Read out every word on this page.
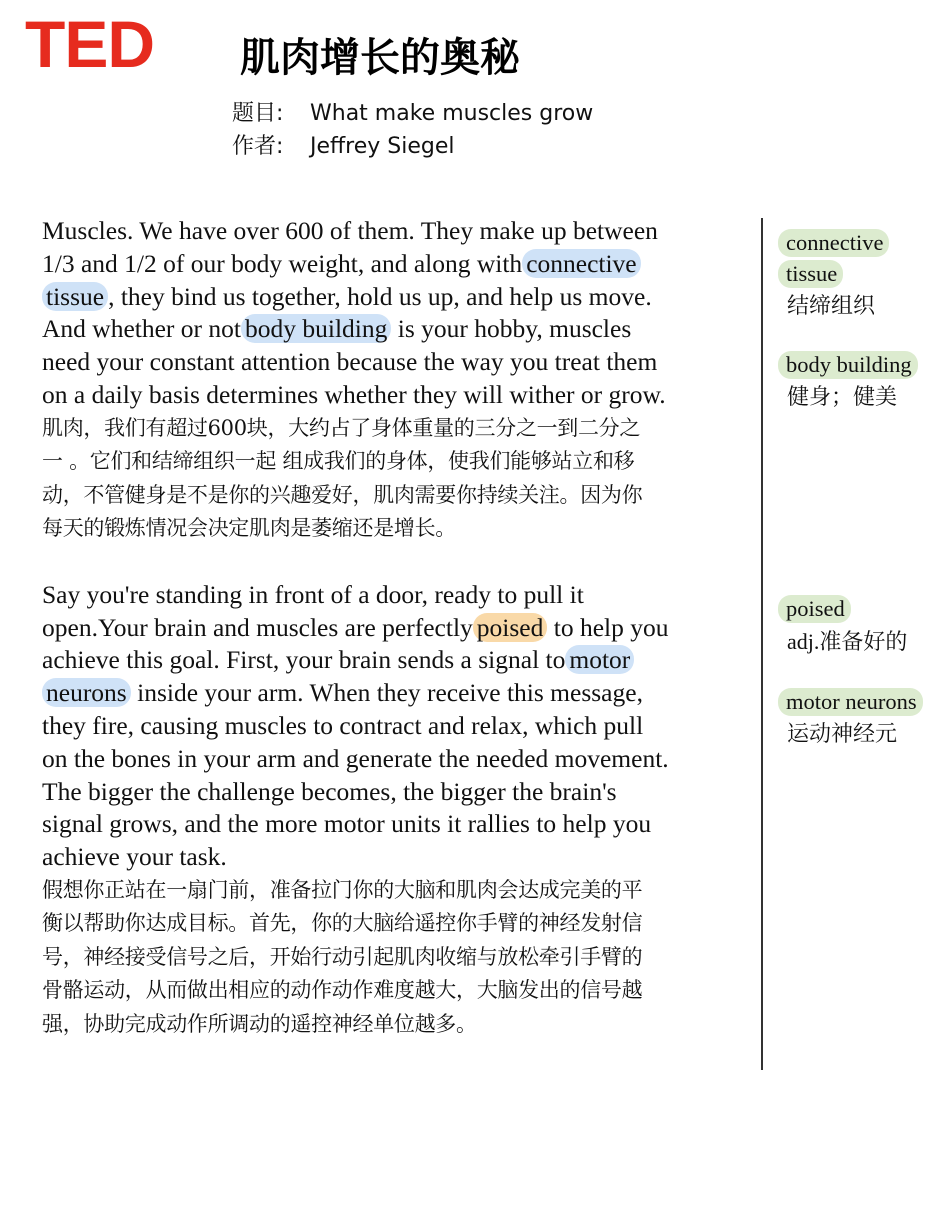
TED 肌肉增长的奥秘
题目: What make muscles grow
作者: Jeffrey Siegel
Muscles. We have over 600 of them. They make up between
1/3 and 1/2 of our body weight, and along with connective
tissue , they bind us together, hold us up, and help us move.
And whether or not body building is your hobby, muscles
need your constant attention because the way you treat them
on a daily basis determines whether they will wither or grow.
肌肉，我们有超过600块，大约占了身体重量的三分之一到二分之
一 。它们和结缔组织一起 组成我们的身体，使我们能够站立和移
动，不管健身是不是你的兴趣爱好，肌肉需要你持续关注。因为你
每天的锻炼情况会决定肌肉是萎缩还是增长。
Say you're standing in front of a door, ready to pull it
open.Your brain and muscles are perfectly poised to help you
achieve this goal. First, your brain sends a signal to motor
neurons inside your arm. When they receive this message,
they fire, causing muscles to contract and relax, which pull
on the bones in your arm and generate the needed movement.
The bigger the challenge becomes, the bigger the brain's
signal grows, and the more motor units it rallies to help you
achieve your task.
假想你正站在一扇门前，准备拉门你的大脑和肌肉会达成完美的平
衡以帮助你达成目标。首先，你的大脑给遥控你手臂的神经发射信
号，神经接受信号之后，开始行动引起肌肉收缩与放松牵引手臂的
骨骼运动，从而做出相应的动作动作难度越大，大脑发出的信号越
强，协助完成动作所调动的遥控神经单位越多。
connective
tissue
结缔组织
body building
健身；健美
poised
adj.准备好的
motor neurons
运动神经元
